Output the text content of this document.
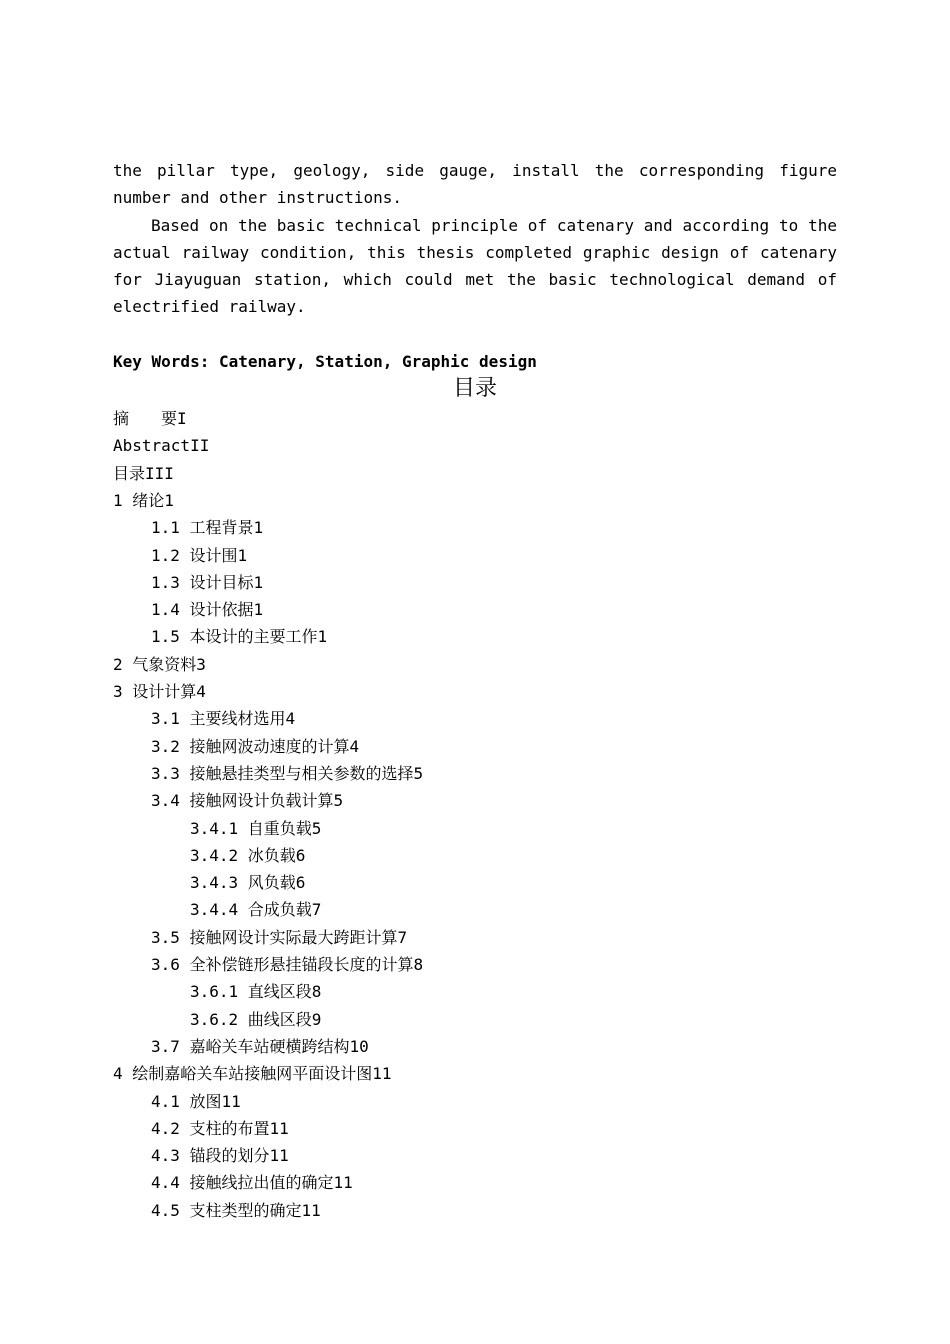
the pillar type, geology, side gauge, install the corresponding figure number and other instructions.

Based on the basic technical principle of catenary and according to the actual railway condition, this thesis completed graphic design of catenary for Jiayuguan station, which could met the basic technological demand of electrified railway.

Key Words: Catenary, Station, Graphic design
目录
摘　　要I
AbstractII
目录III
1 绪论1
1.1 工程背景1
1.2 设计围1
1.3 设计目标1
1.4 设计依据1
1.5 本设计的主要工作1
2 气象资料3
3 设计计算4
3.1 主要线材选用4
3.2 接触网波动速度的计算4
3.3 接触悬挂类型与相关参数的选择5
3.4 接触网设计负载计算5
3.4.1 自重负载5
3.4.2 冰负载6
3.4.3 风负载6
3.4.4 合成负载7
3.5 接触网设计实际最大跨距计算7
3.6 全补偿链形悬挂锚段长度的计算8
3.6.1 直线区段8
3.6.2 曲线区段9
3.7 嘉峪关车站硬横跨结构10
4 绘制嘉峪关车站接触网平面设计图11
4.1 放图11
4.2 支柱的布置11
4.3 锚段的划分11
4.4 接触线拉出值的确定11
4.5 支柱类型的确定11
